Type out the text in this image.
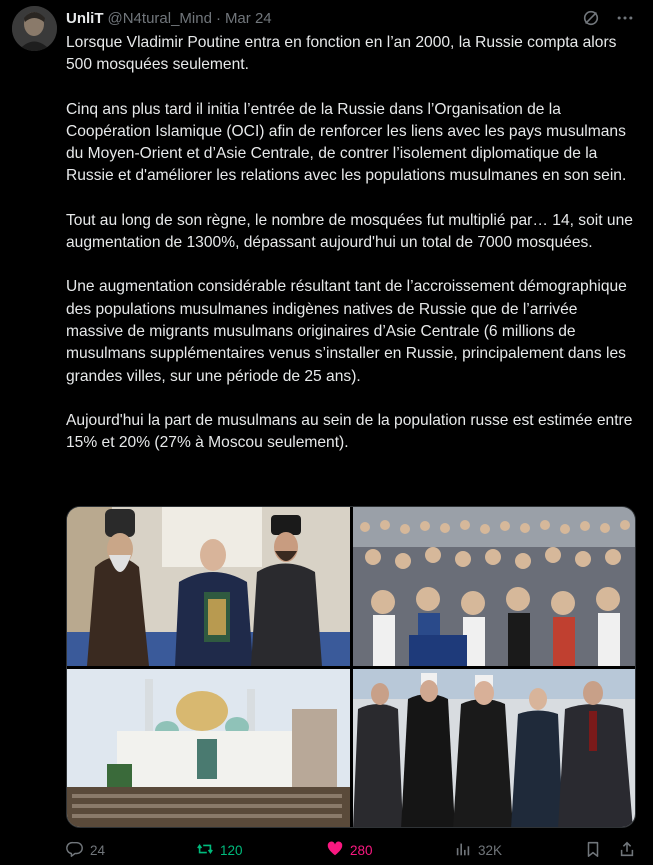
UnliT @N4tural_Mind · Mar 24

Lorsque Vladimir Poutine entra en fonction en l’an 2000, la Russie compta alors 500 mosquées seulement.

Cinq ans plus tard il initia l’entrée de la Russie dans l’Organisation de la Coopération Islamique (OCI) afin de renforcer les liens avec les pays musulmans du Moyen-Orient et d’Asie Centrale, de contrer l’isolement diplomatique de la Russie et d'améliorer les relations avec les populations musulmanes en son sein.

Tout au long de son règne, le nombre de mosquées fut multiplié par… 14, soit une augmentation de 1300%, dépassant aujourd'hui un total de 7000 mosquées.

Une augmentation considérable résultant tant de l’accroissement démographique des populations musulmanes indigènes natives de Russie que de l’arrivée massive de migrants musulmans originaires d’Asie Centrale (6 millions de musulmans supplémentaires venus s’installer en Russie, principalement dans les grandes villes, sur une période de 25 ans).

Aujourd'hui la part de musulmans au sein de la population russe est estimée entre 15% et 20% (27% à Moscou seulement).

24	120	280	32K
